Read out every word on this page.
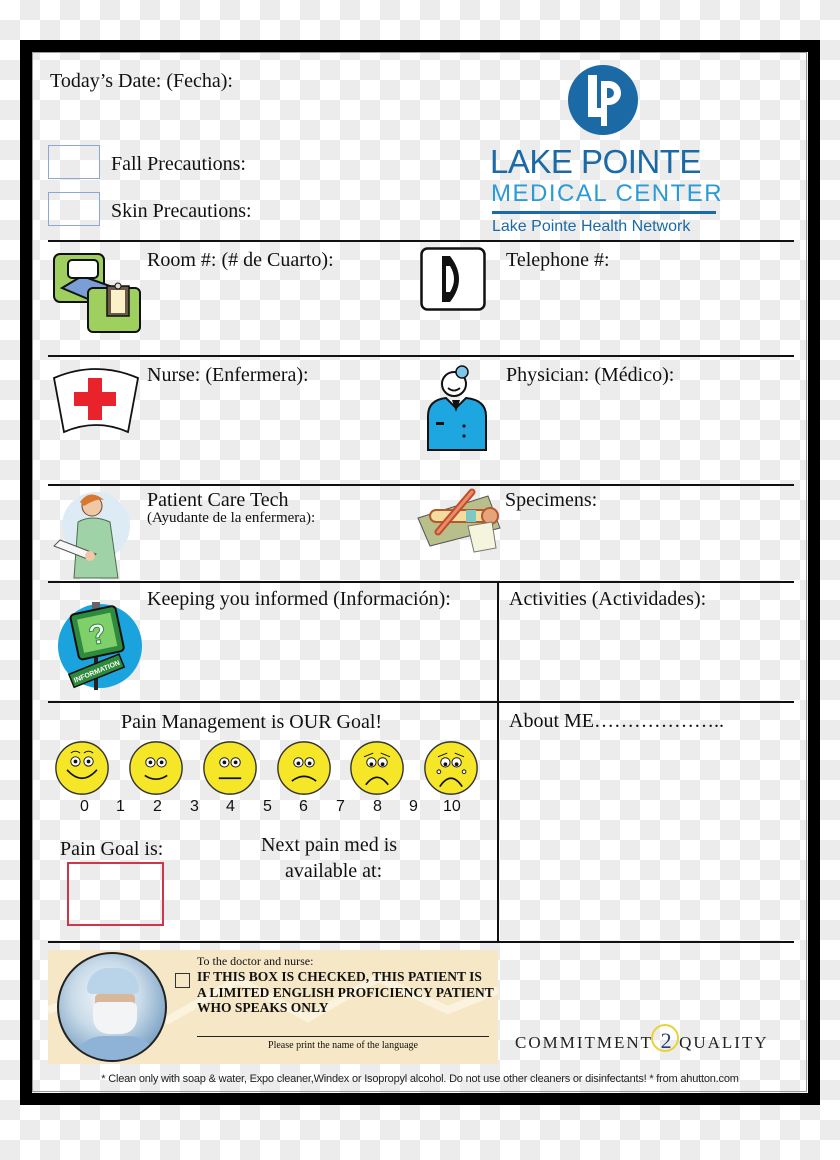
Today’s Date: (Fecha):
Fall Precautions:
Skin Precautions:
LAKE POINTE
MEDICAL CENTER
Lake Pointe Health Network
Room #: (# de Cuarto):	Telephone #:
Nurse: (Enfermera):	Physician: (Médico):
Patient Care Tech
(Ayudante de la enfermera):
Specimens:
?
INFORMATION
Keeping you informed (Información):	Activities (Actividades):
Pain Management is OUR Goal!	About ME………………..
0 1 2 3 4 5 6 7 8 9 10
Pain Goal is:	Next pain med is
available at:
To the doctor and nurse:
IF THIS BOX IS CHECKED, THIS PATIENT IS
A LIMITED ENGLISH PROFICIENCY PATIENT
WHO SPEAKS ONLY
Please print the name of the language	COMMITMENT 2 QUALITY
* Clean only with soap & water, Expo cleaner,Windex or Isopropyl alcohol. Do not use other cleaners or disinfectants! * from ahutton.com
